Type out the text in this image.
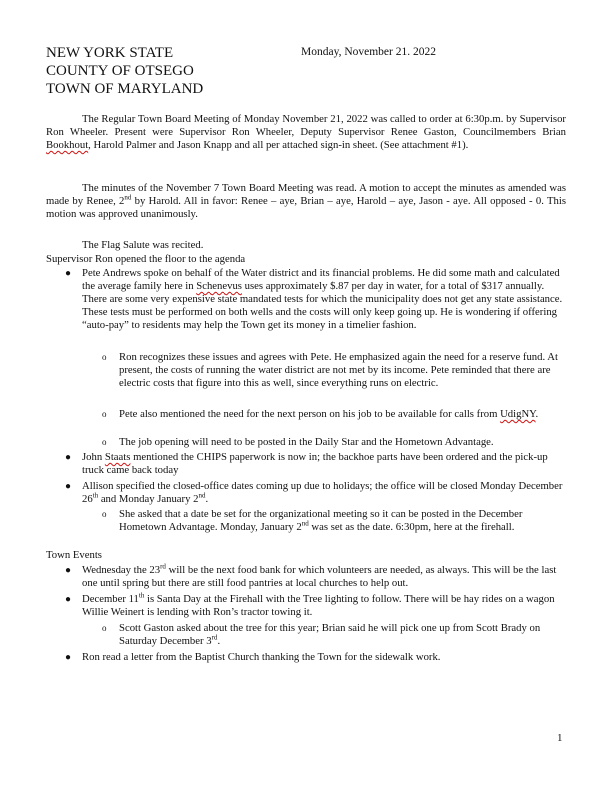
NEW YORK STATE
COUNTY OF OTSEGO
TOWN OF MARYLAND
Monday, November 21. 2022

The Regular Town Board Meeting of Monday November 21, 2022 was called to order at 6:30p.m. by Supervisor Ron Wheeler. Present were Supervisor Ron Wheeler, Deputy Supervisor Renee Gaston, Councilmembers Brian Bookhout, Harold Palmer and Jason Knapp and all per attached sign-in sheet. (See attachment #1).

The minutes of the November 7 Town Board Meeting was read. A motion to accept the minutes as amended was made by Renee, 2nd by Harold. All in favor: Renee – aye, Brian – aye, Harold – aye, Jason - aye. All opposed - 0. This motion was approved unanimously.

The Flag Salute was recited.

Supervisor Ron opened the floor to the agenda

● Pete Andrews spoke on behalf of the Water district and its financial problems. He did some math and calculated the average family here in Schenevus uses approximately $.87 per day in water, for a total of $317 annually. There are some very expensive state mandated tests for which the municipality does not get any state assistance. These tests must be performed on both wells and the costs will only keep going up. He is wondering if offering “auto-pay” to residents may help the Town get its money in a timelier fashion.
o Ron recognizes these issues and agrees with Pete. He emphasized again the need for a reserve fund. At present, the costs of running the water district are not met by its income. Pete reminded that there are electric costs that figure into this as well, since everything runs on electric.
o Pete also mentioned the need for the next person on his job to be available for calls from UdigNY.
o The job opening will need to be posted in the Daily Star and the Hometown Advantage.
● John Staats mentioned the CHIPS paperwork is now in; the backhoe parts have been ordered and the pick-up truck came back today
● Allison specified the closed-office dates coming up due to holidays; the office will be closed Monday December 26th and Monday January 2nd.
o She asked that a date be set for the organizational meeting so it can be posted in the December Hometown Advantage. Monday, January 2nd was set as the date. 6:30pm, here at the firehall.

Town Events

● Wednesday the 23rd will be the next food bank for which volunteers are needed, as always. This will be the last one until spring but there are still food pantries at local churches to help out.
● December 11th is Santa Day at the Firehall with the Tree lighting to follow. There will be hay rides on a wagon Willie Weinert is lending with Ron’s tractor towing it.
o Scott Gaston asked about the tree for this year; Brian said he will pick one up from Scott Brady on Saturday December 3rd.
● Ron read a letter from the Baptist Church thanking the Town for the sidewalk work.
1
